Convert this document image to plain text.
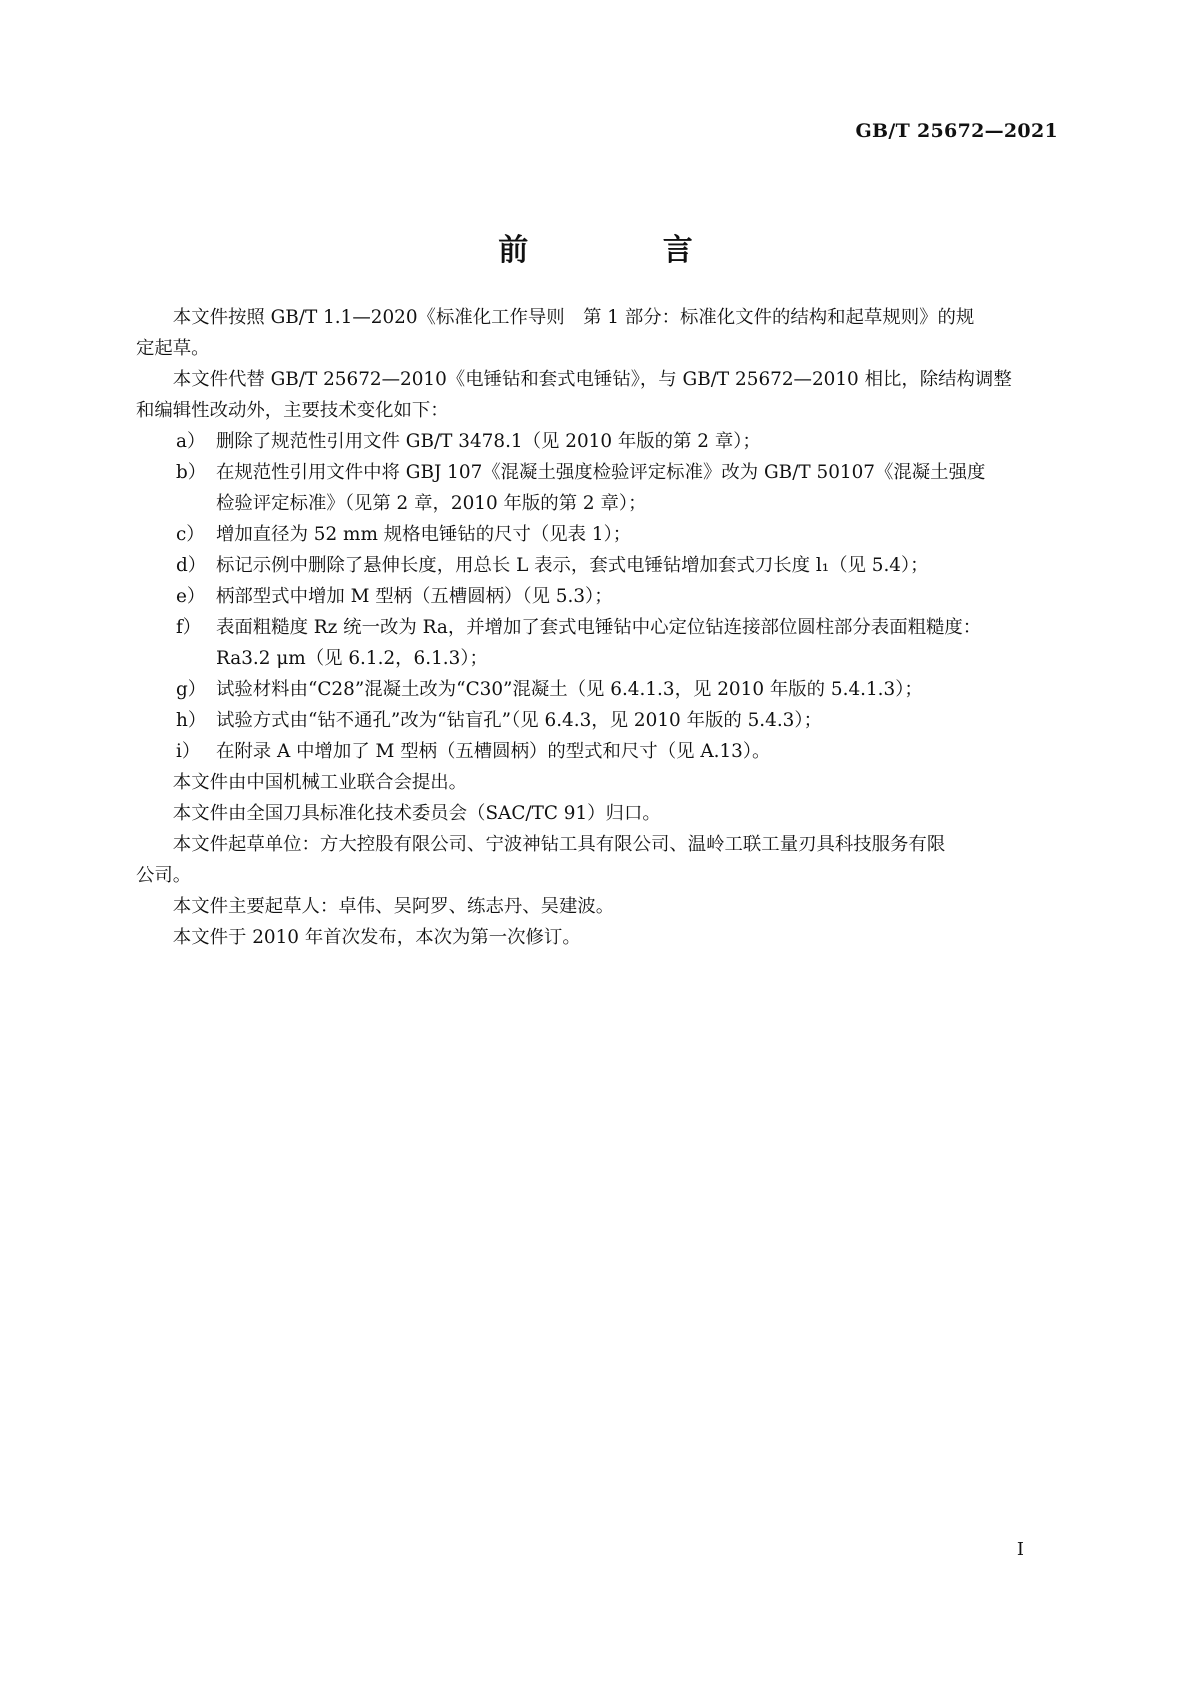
GB/T 25672—2021
前 言

本文件按照 GB/T 1.1—2020《标准化工作导则　第 1 部分：标准化文件的结构和起草规则》的规
定起草。

本文件代替 GB/T 25672—2010《电锤钻和套式电锤钻》，与 GB/T 25672—2010 相比，除结构调整
和编辑性改动外，主要技术变化如下：

a） 删除了规范性引用文件 GB/T 3478.1（见 2010 年版的第 2 章）；
b） 在规范性引用文件中将 GBJ 107《混凝土强度检验评定标准》改为 GB/T 50107《混凝土强度
检验评定标准》（见第 2 章，2010 年版的第 2 章）；
c） 增加直径为 52 mm 规格电锤钻的尺寸（见表 1）；
d） 标记示例中删除了悬伸长度，用总长 L 表示，套式电锤钻增加套式刀长度 l₁（见 5.4）；
e） 柄部型式中增加 M 型柄（五槽圆柄）（见 5.3）；
f） 表面粗糙度 Rz 统一改为 Ra，并增加了套式电锤钻中心定位钻连接部位圆柱部分表面粗糙度：
Ra3.2 μm（见 6.1.2，6.1.3）；
g） 试验材料由“C28”混凝土改为“C30”混凝土（见 6.4.1.3，见 2010 年版的 5.4.1.3）；
h） 试验方式由“钻不通孔”改为“钻盲孔”（见 6.4.3，见 2010 年版的 5.4.3）；
i） 在附录 A 中增加了 M 型柄（五槽圆柄）的型式和尺寸（见 A.13）。

本文件由中国机械工业联合会提出。

本文件由全国刀具标准化技术委员会（SAC/TC 91）归口。

本文件起草单位：方大控股有限公司、宁波神钻工具有限公司、温岭工联工量刃具科技服务有限
公司。

本文件主要起草人：卓伟、吴阿罗、练志丹、吴建波。

本文件于 2010 年首次发布，本次为第一次修订。

I
